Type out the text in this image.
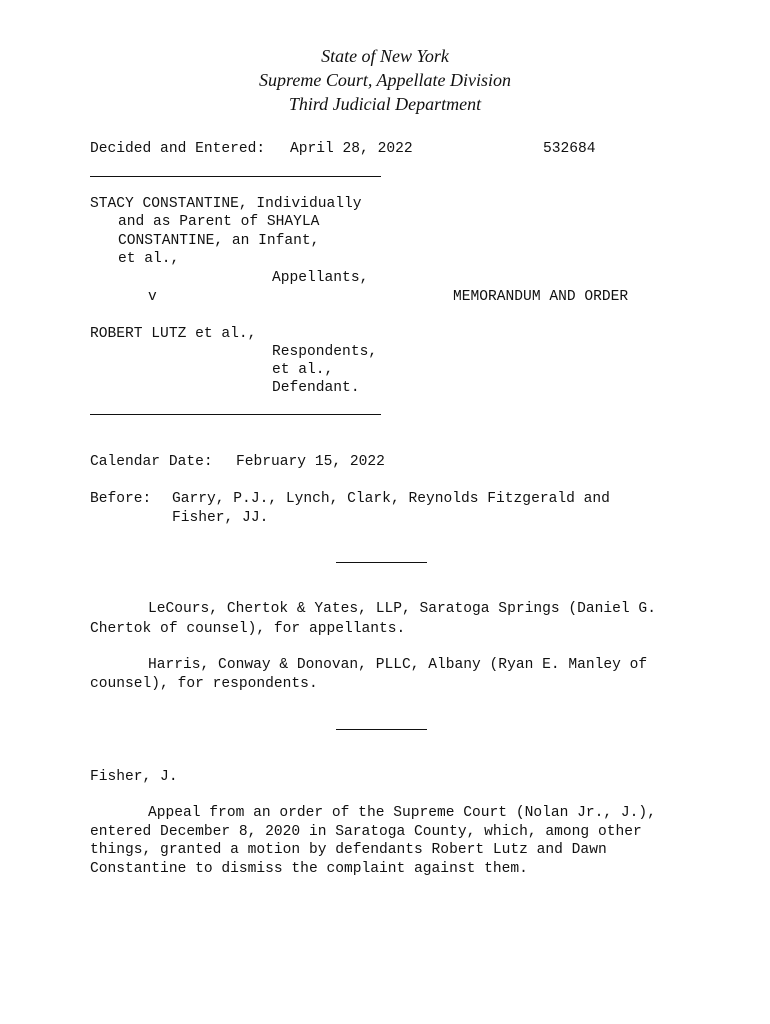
State of New York
Supreme Court, Appellate Division
Third Judicial Department
Decided and Entered: April 28, 2022	532684
STACY CONSTANTINE, Individually
and as Parent of SHAYLA
CONSTANTINE, an Infant,
et al.,
Appellants,
v	MEMORANDUM AND ORDER
ROBERT LUTZ et al.,
Respondents,
et al.,
Defendant.
Calendar Date: February 15, 2022
Before: Garry, P.J., Lynch, Clark, Reynolds Fitzgerald and
Fisher, JJ.
LeCours, Chertok & Yates, LLP, Saratoga Springs (Daniel G.
Chertok of counsel), for appellants.
Harris, Conway & Donovan, PLLC, Albany (Ryan E. Manley of
counsel), for respondents.
Fisher, J.
Appeal from an order of the Supreme Court (Nolan Jr., J.),
entered December 8, 2020 in Saratoga County, which, among other
things, granted a motion by defendants Robert Lutz and Dawn
Constantine to dismiss the complaint against them.
